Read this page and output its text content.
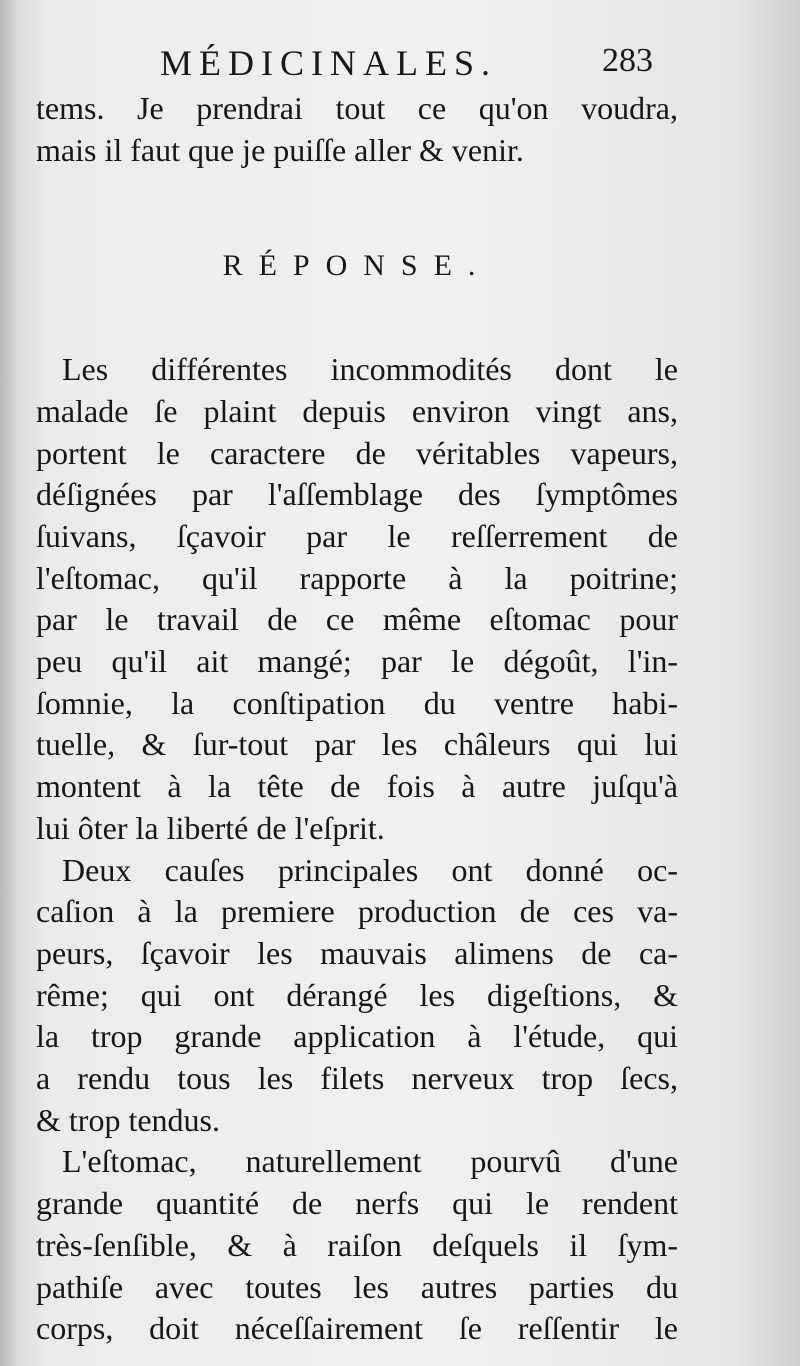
MÉDICINALES.	283
tems. Je prendrai tout ce qu'on voudra,
mais il faut que je puiſſe aller & venir.
RÉPONSE.
Les différentes incommodités dont le
malade ſe plaint depuis environ vingt ans,
portent le caractere de véritables vapeurs,
déſignées par l'aſſemblage des ſymptômes
ſuivans, ſçavoir par le reſſerrement de
l'eſtomac, qu'il rapporte à la poitrine;
par le travail de ce même eſtomac pour
peu qu'il ait mangé; par le dégoût, l'in-
ſomnie, la conſtipation du ventre habi-
tuelle, & ſur-tout par les châleurs qui lui
montent à la tête de fois à autre juſqu'à
lui ôter la liberté de l'eſprit.
Deux cauſes principales ont donné oc-
caſion à la premiere production de ces va-
peurs, ſçavoir les mauvais alimens de ca-
rême; qui ont dérangé les digeſtions, &
la trop grande application à l'étude, qui
a rendu tous les filets nerveux trop ſecs,
& trop tendus.
L'eſtomac, naturellement pourvû d'une
grande quantité de nerfs qui le rendent
très-ſenſible, & à raiſon deſquels il ſym-
pathiſe avec toutes les autres parties du
corps, doit néceſſairement ſe reſſentir le
